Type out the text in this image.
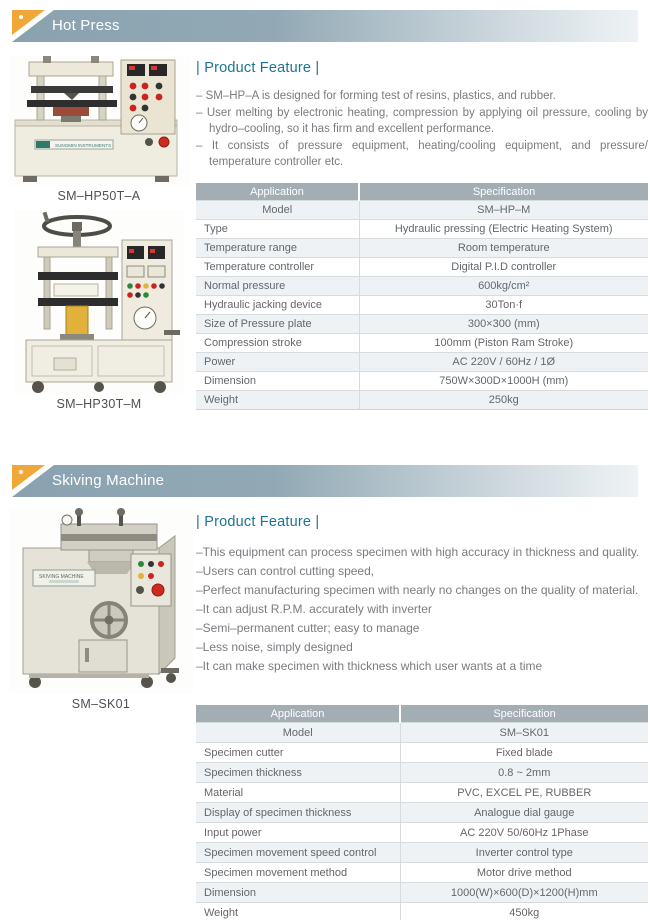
Hot Press
SUNGMIN INSTRUMENTS
SM–HP50T–A
SM–HP30T–M
| Product Feature |
– SM–HP–A is designed for forming test of resins, plastics, and rubber.
– User melting by electronic heating, compression by applying oil pressure, cooling by hydro–cooling, so it has firm and excellent performance.
– It consists of pressure equipment, heating/cooling equipment, and pressure/ temperature controller etc.
Application	Specification
Model	SM–HP–M
Type	Hydraulic pressing (Electric Heating System)
Temperature range	Room temperature
Temperature controller	Digital P.I.D controller
Normal pressure	600kg/cm²
Hydraulic jacking device	30Ton·f
Size of Pressure plate	300×300 (mm)
Compression stroke	100mm (Piston Ram Stroke)
Power	AC 220V / 60Hz / 1Ø
Dimension	750W×300D×1000H (mm)
Weight	250kg
Skiving Machine
SKIVING MACHINE
SM–SK01
| Product Feature |
–This equipment can process specimen with high accuracy in thickness and quality.
–Users can control cutting speed,
–Perfect manufacturing specimen with nearly no changes on the quality of material.
–It can adjust R.P.M. accurately with inverter
–Semi–permanent cutter; easy to manage
–Less noise, simply designed
–It can make specimen with thickness which user wants at a time
Application	Specification
Model	SM–SK01
Specimen cutter	Fixed blade
Specimen thickness	0.8 ~ 2mm
Material	PVC, EXCEL PE, RUBBER
Display of specimen thickness	Analogue dial gauge
Input power	AC 220V 50/60Hz 1Phase
Specimen movement speed control	Inverter control type
Specimen movement method	Motor drive method
Dimension	1000(W)×600(D)×1200(H)mm
Weight	450kg
